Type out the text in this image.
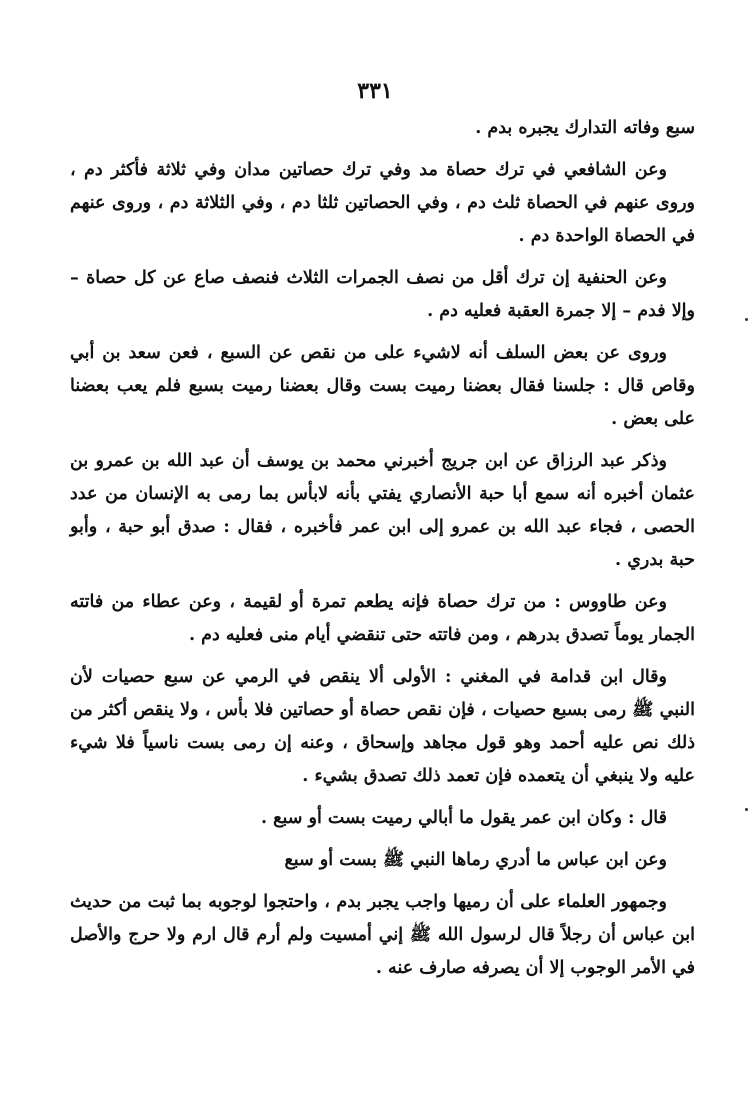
٣٣١

سبع وفاته التدارك يجبره بدم .

وعن الشافعي في ترك حصاة مد وفي ترك حصاتين مدان وفي ثلاثة فأكثر دم ، وروى عنهم في الحصاة ثلث دم ، وفي الحصاتين ثلثا دم ، وفي الثلاثة دم ، وروى عنهم في الحصاة الواحدة دم .

وعن الحنفية إن ترك أقل من نصف الجمرات الثلاث فنصف صاع عن كل حصاة – وإلا فدم – إلا جمرة العقبة فعليه دم .

وروى عن بعض السلف أنه لاشيء على من نقص عن السبع ، فعن سعد بن أبي وقاص قال : جلسنا فقال بعضنا رميت بست وقال بعضنا رميت بسبع فلم يعب بعضنا على بعض .

وذكر عبد الرزاق عن ابن جريج أخبرني محمد بن يوسف أن عبد الله بن عمرو بن عثمان أخبره أنه سمع أبا حبة الأنصاري يفتي بأنه لابأس بما رمى به الإنسان من عدد الحصى ، فجاء عبد الله بن عمرو إلى ابن عمر فأخبره ، فقال : صدق أبو حبة ، وأبو حبة بدري .

وعن طاووس : من ترك حصاة فإنه يطعم تمرة أو لقيمة ، وعن عطاء من فاتته الجمار يوماً تصدق بدرهم ، ومن فاتته حتى تنقضي أيام منى فعليه دم .

وقال ابن قدامة في المغني : الأولى ألا ينقص في الرمي عن سبع حصيات لأن النبي ﷺ رمى بسبع حصيات ، فإن نقص حصاة أو حصاتين فلا بأس ، ولا ينقص أكثر من ذلك نص عليه أحمد وهو قول مجاهد وإسحاق ، وعنه إن رمى بست ناسياً فلا شيء عليه ولا ينبغي أن يتعمده فإن تعمد ذلك تصدق بشيء .

قال : وكان ابن عمر يقول ما أبالي رميت بست أو سبع .

وعن ابن عباس ما أدري رماها النبي ﷺ بست أو سبع

وجمهور العلماء على أن رميها واجب يجبر بدم ، واحتجوا لوجوبه بما ثبت من حديث ابن عباس أن رجلاً قال لرسول الله ﷺ إني أمسيت ولم أرم قال ارم ولا حرج والأصل في الأمر الوجوب إلا أن يصرفه صارف عنه .
